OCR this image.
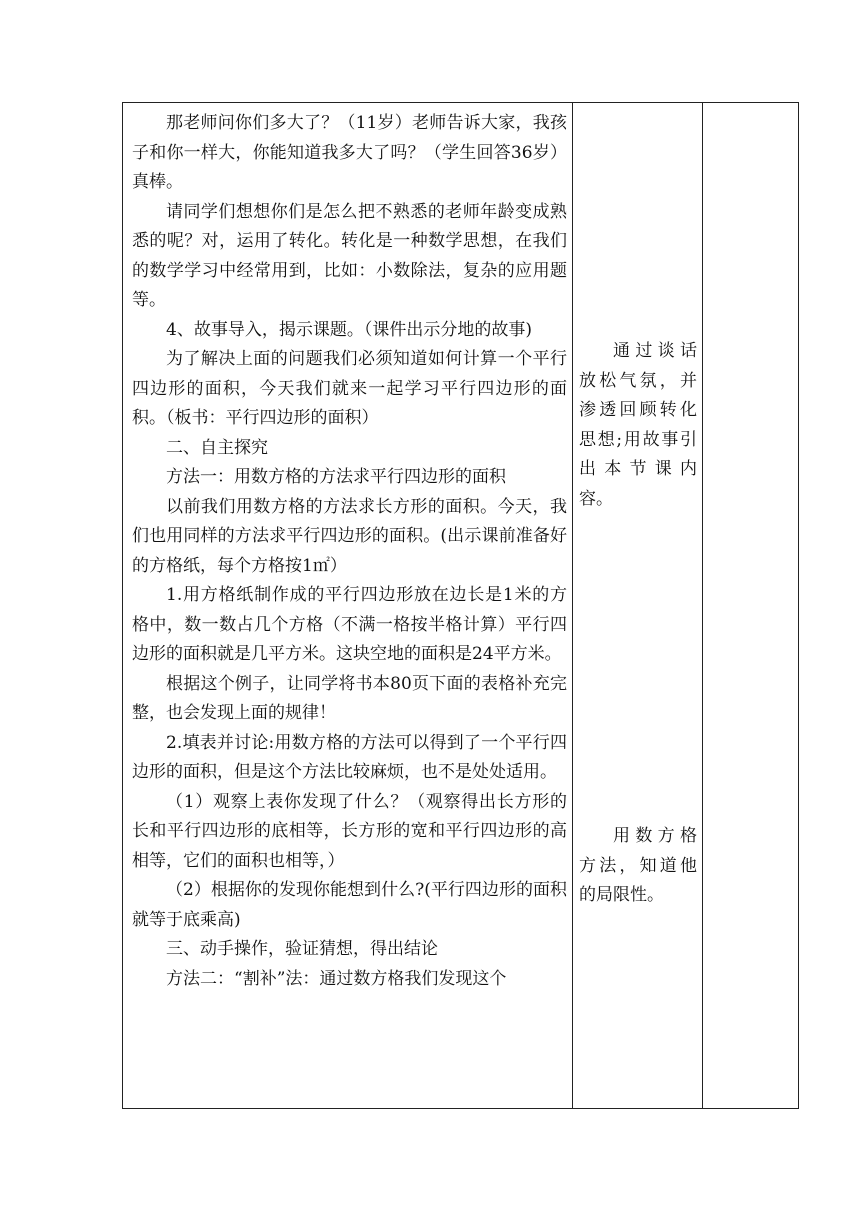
那老师问你们多大了？（11岁）老师告诉大家，我孩子和你一样大，你能知道我多大了吗？（学生回答36岁）真棒。

请同学们想想你们是怎么把不熟悉的老师年龄变成熟悉的呢？对，运用了转化。转化是一种数学思想，在我们的数学学习中经常用到，比如：小数除法，复杂的应用题等。

4、故事导入，揭示课题。（课件出示分地的故事)

为了解决上面的问题我们必须知道如何计算一个平行四边形的面积，今天我们就来一起学习平行四边形的面积。（板书：平行四边形的面积）

二、自主探究

方法一：用数方格的方法求平行四边形的面积

以前我们用数方格的方法求长方形的面积。今天，我们也用同样的方法求平行四边形的面积。(出示课前准备好的方格纸，每个方格按1㎡）

1.用方格纸制作成的平行四边形放在边长是1米的方格中，数一数占几个方格（不满一格按半格计算）平行四边形的面积就是几平方米。这块空地的面积是24平方米。

根据这个例子，让同学将书本80页下面的表格补充完整，也会发现上面的规律！

2.填表并讨论:用数方格的方法可以得到了一个平行四边形的面积，但是这个方法比较麻烦，也不是处处适用。

（1）观察上表你发现了什么？（观察得出长方形的长和平行四边形的底相等，长方形的宽和平行四边形的高相等，它们的面积也相等，）

（2）根据你的发现你能想到什么?(平行四边形的面积就等于底乘高)

三、动手操作，验证猜想，得出结论

方法二：“割补”法：通过数方格我们发现这个

通过谈话放松气氛，并渗透回顾转化思想;用故事引出本节课内容。

用数方格方法，知道他的局限性。
